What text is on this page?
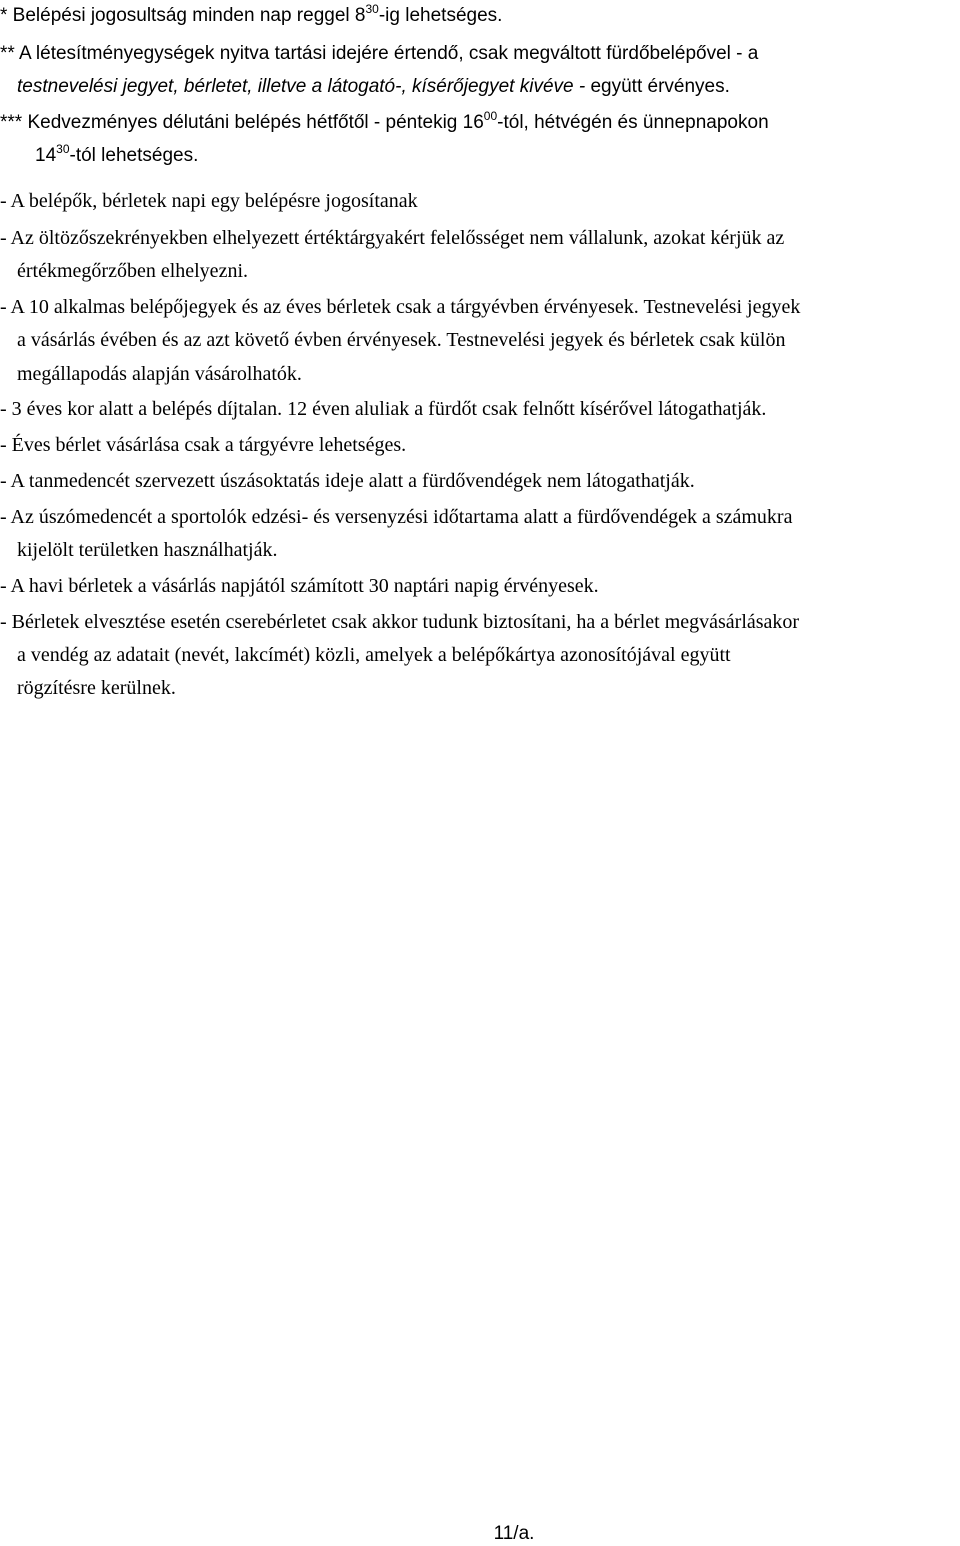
* Belépési jogosultság minden nap reggel $8^{30}-ig$ lehetséges.
** A létesítményegységek nyitva tartási idejére értendő, csak megváltott fürdőbelépővel - a
testnevelési jegyet, bérletet, illetve a látogató-, kísérőjegyet kivéve - együtt érvényes.
*** Kedvezményes délutáni belépés hétfőtől - péntekig $16^{00}$-tól, hétvégén és ünnepnapokon
$14^{30}$-tól lehetséges.
- A belépők, bérletek napi egy belépésre jogosítanak
- Az öltözőszekrényekben elhelyezett értéktárgyakért felelősséget nem vállalunk, azokat kérjük az
értékmegőrzőben elhelyezni.
- A 10 alkalmas belépőjegyek és az éves bérletek csak a tárgyévben érvényesek. Testnevelési jegyek
a vásárlás évében és az azt követő évben érvényesek. Testnevelési jegyek és bérletek csak külön
megállapodás alapján vásárolhatók.
- 3 éves kor alatt a belépés díjtalan. 12 éven aluliak a fürdőt csak felnőtt kísérővel látogathatják.
- Éves bérlet vásárlása csak a tárgyévre lehetséges.
- A tanmedencét szervezett úszásoktatás ideje alatt a fürdővendégek nem látogathatják.
- Az úszómedencét a sportolók edzési- és versenyzési időtartama alatt a fürdővendégek a számukra
kijelölt területken használhatják.
- A havi bérletek a vásárlás napjától számított 30 naptári napig érvényesek.
- Bérletek elvesztése esetén cserebérletet csak akkor tudunk biztosítani, ha a bérlet megvásárlásakor
a vendég az adatait (nevét, lakcímét) közli, amelyek a belépőkártya azonosítójával együtt
rögzítésre kerülnek.
11/a.
